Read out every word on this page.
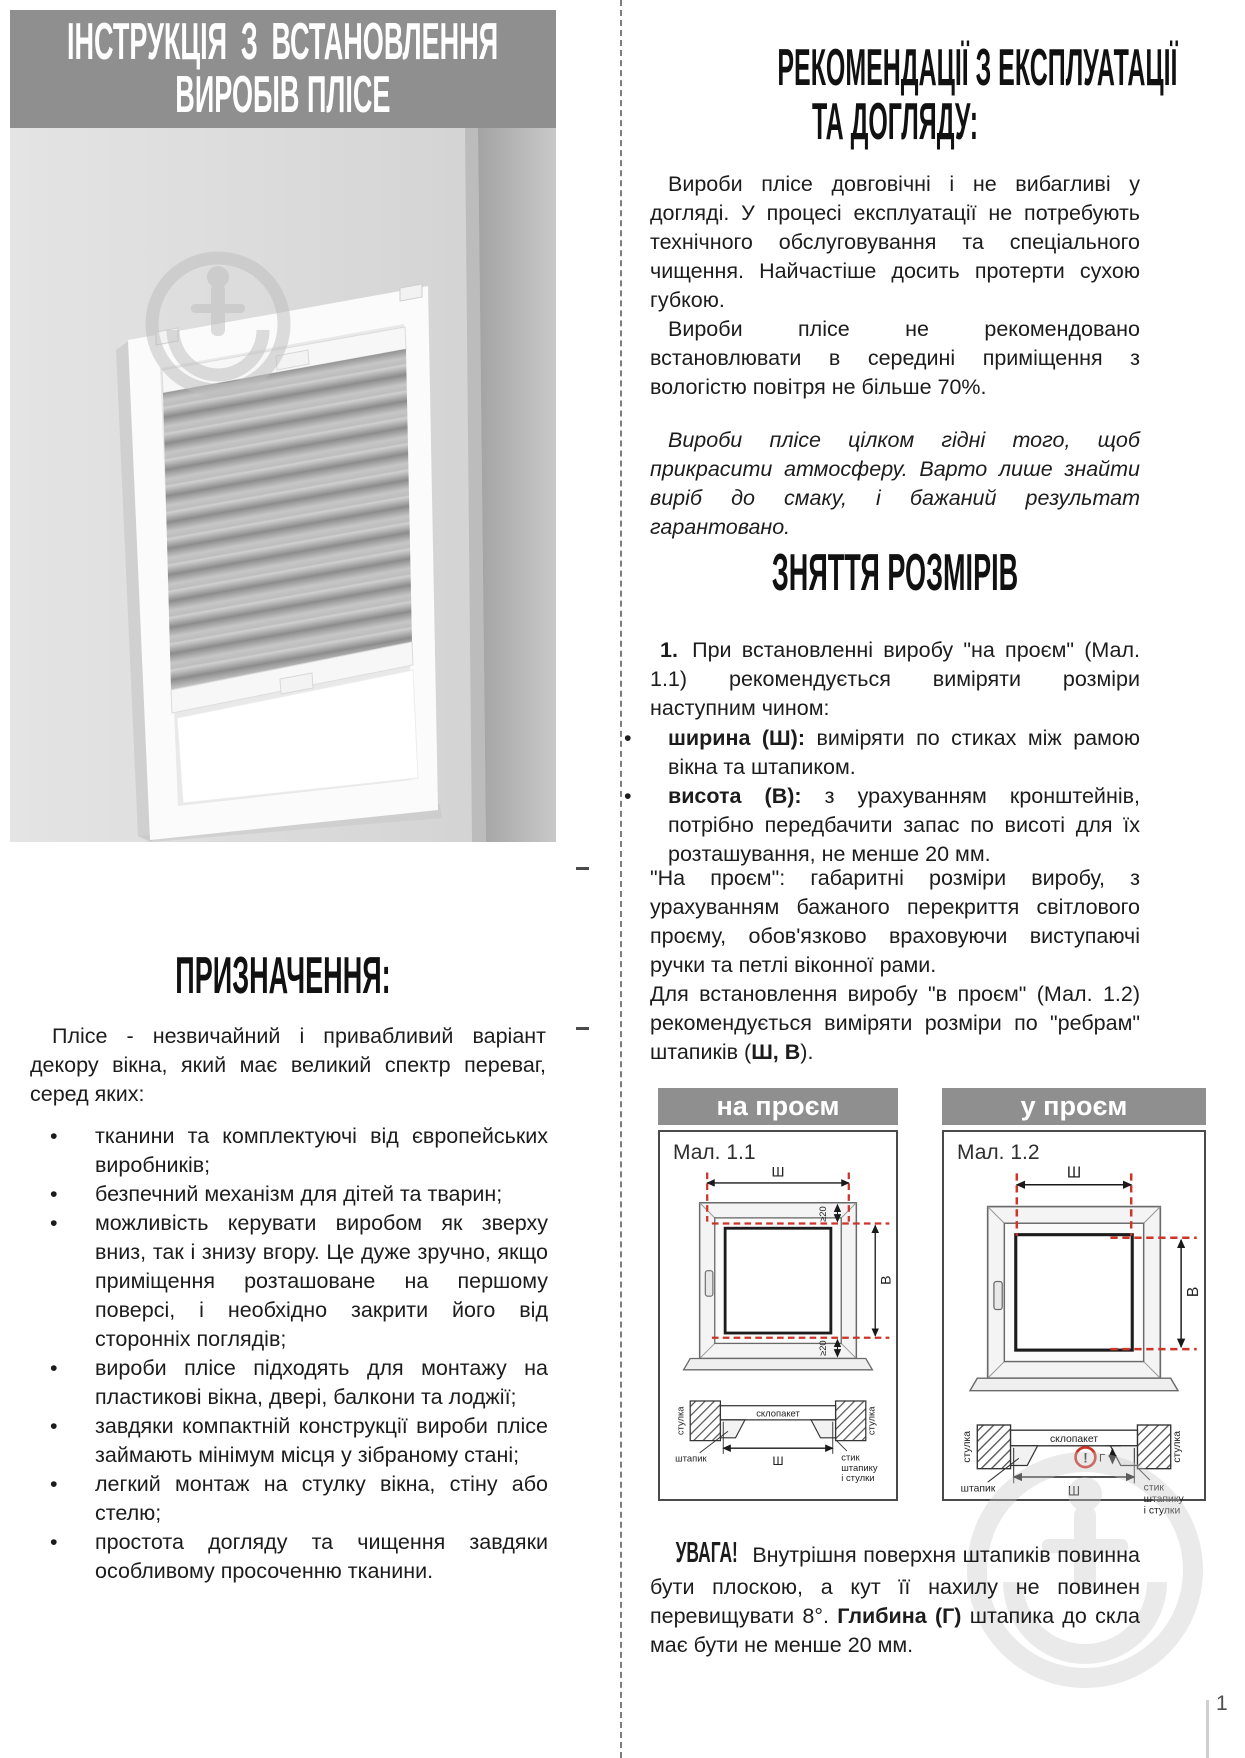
ІНСТРУКЦІЯ З ВСТАНОВЛЕННЯ
ВИРОБІВ ПЛІСЕ
ПРИЗНАЧЕННЯ:

Плісе - незвичайний і привабливий варіант декору вікна, який має великий спектр переваг, серед яких:

• тканини та комплектуючі від європейських виробників;
• безпечний механізм для дітей та тварин;
• можливість керувати виробом як зверху вниз, так і знизу вгору. Це дуже зручно, якщо приміщення розташоване на першому поверсі, і необхідно закрити його від сторонніх поглядів;
• вироби плісе підходять для монтажу на пластикові вікна, двері, балкони та лоджії;
• завдяки компактній конструкції вироби плісе займають мінімум місця у зібраному стані;
• легкий монтаж на стулку вікна, стіну або стелю;
• простота догляду та чищення завдяки особливому просоченню тканини.
РЕКОМЕНДАЦІЇ З ЕКСПЛУАТАЦІЇ
ТА ДОГЛЯДУ:

Вироби плісе довговічні і не вибагливі у догляді. У процесі експлуатації не потребують технічного обслуговування та спеціального чищення. Найчастіше досить протерти сухою губкою.

Вироби плісе не рекомендовано встановлювати в середині приміщення з вологістю повітря не більше 70%.

Вироби плісе цілком гідні того, щоб прикрасити атмосферу. Варто лише знайти виріб до смаку, і бажаний результат гарантовано.

ЗНЯТТЯ РОЗМІРІВ

1. При встановленні виробу "на проєм" (Мал. 1.1) рекомендується виміряти розміри наступним чином:

• ширина (Ш): виміряти по стиках між рамою вікна та штапиком.
• висота (В): з урахуванням кронштейнів, потрібно передбачити запас по висоті для їх розташування, не менше 20 мм.

"На проєм": габаритні розміри виробу, з урахуванням бажаного перекриття світлового проєму, обов'язково враховуючи виступаючі ручки та петлі віконної рами.

Для встановлення виробу "в проєм" (Мал. 1.2) рекомендується виміряти розміри по "ребрам" штапиків (Ш, В).

на проєм
Мал. 1.1
Ш
В
≥20
≥20
стулка	стулка
склопакет
Ш
штапик	стик
штапику
і стулки
у проєм
Мал. 1.2
Ш
В
стулка	стулка
склопакет
Ш
штапик	стик
штапику
і стулки
! Г

УВАГА! Внутрішня поверхня штапиків повинна бути плоскою, а кут її нахилу не повинен перевищувати 8°. Глибина (Г) штапика до скла має бути не менше 20 мм.

1
